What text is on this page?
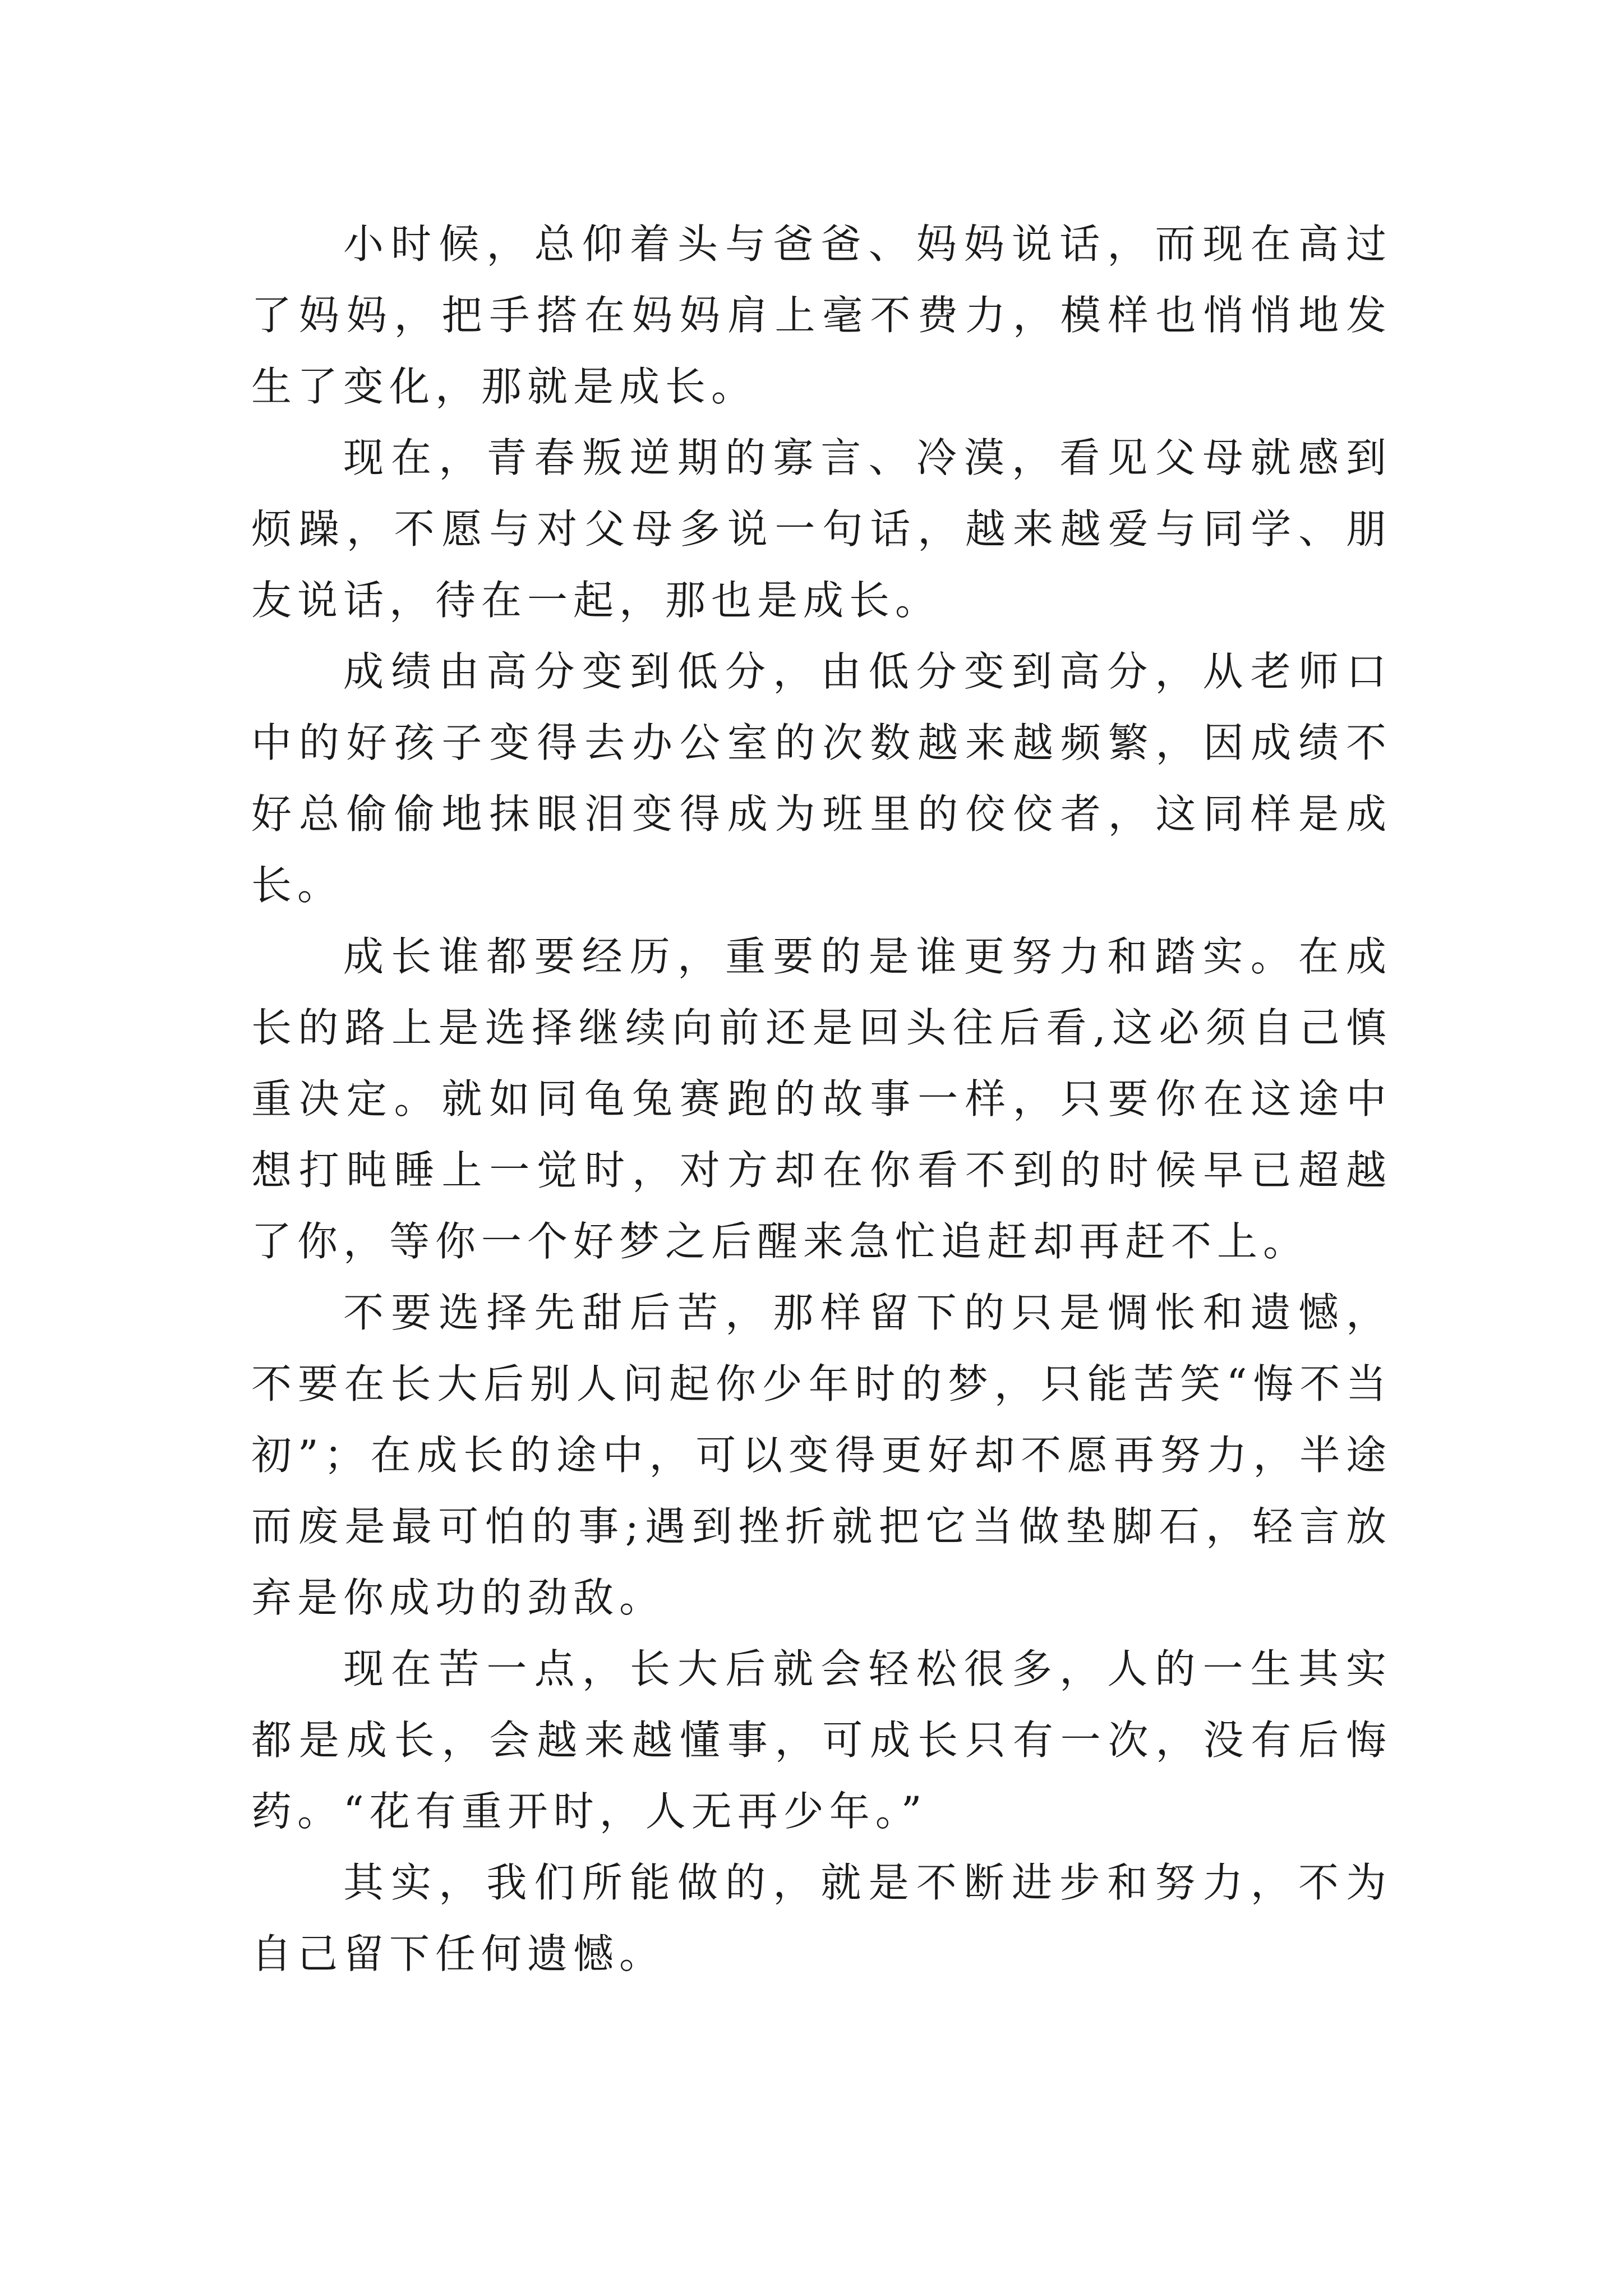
小时候，总仰着头与爸爸、妈妈说话，而现在高过了妈妈，把手搭在妈妈肩上毫不费力，模样也悄悄地发生了变化，那就是成长。

现在，青春叛逆期的寡言、冷漠，看见父母就感到烦躁，不愿与对父母多说一句话，越来越爱与同学、朋友说话，待在一起，那也是成长。

成绩由高分变到低分，由低分变到高分，从老师口中的好孩子变得去办公室的次数越来越频繁，因成绩不好总偷偷地抹眼泪变得成为班里的佼佼者，这同样是成长。

成长谁都要经历，重要的是谁更努力和踏实。在成长的路上是选择继续向前还是回头往后看,这必须自己慎重决定。就如同龟兔赛跑的故事一样，只要你在这途中想打盹睡上一觉时，对方却在你看不到的时候早已超越了你，等你一个好梦之后醒来急忙追赶却再赶不上。

不要选择先甜后苦，那样留下的只是惆怅和遗憾，不要在长大后别人问起你少年时的梦，只能苦笑“悔不当初”；在成长的途中，可以变得更好却不愿再努力，半途而废是最可怕的事;遇到挫折就把它当做垫脚石，轻言放弃是你成功的劲敌。

现在苦一点，长大后就会轻松很多，人的一生其实都是成长，会越来越懂事，可成长只有一次，没有后悔药。“花有重开时，人无再少年。”

其实，我们所能做的，就是不断进步和努力，不为自己留下任何遗憾。
